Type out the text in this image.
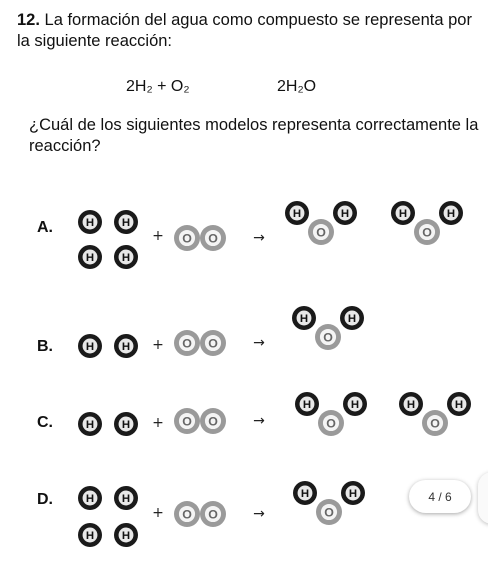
12. La formación del agua como compuesto se representa por la siguiente reacción:
2H₂ + O₂	2H₂O
¿Cuál de los siguientes modelos representa correctamente la reacción?
A.
B.
C.
D.
H
H
H
H
+ O O	→
H
O
H	H
O
H
H H + O O	→
H
O
H
H H + O O	→
H
O
H	H
O
H
H
H
H
H
+ O O	→
H
O
H	4 / 6
